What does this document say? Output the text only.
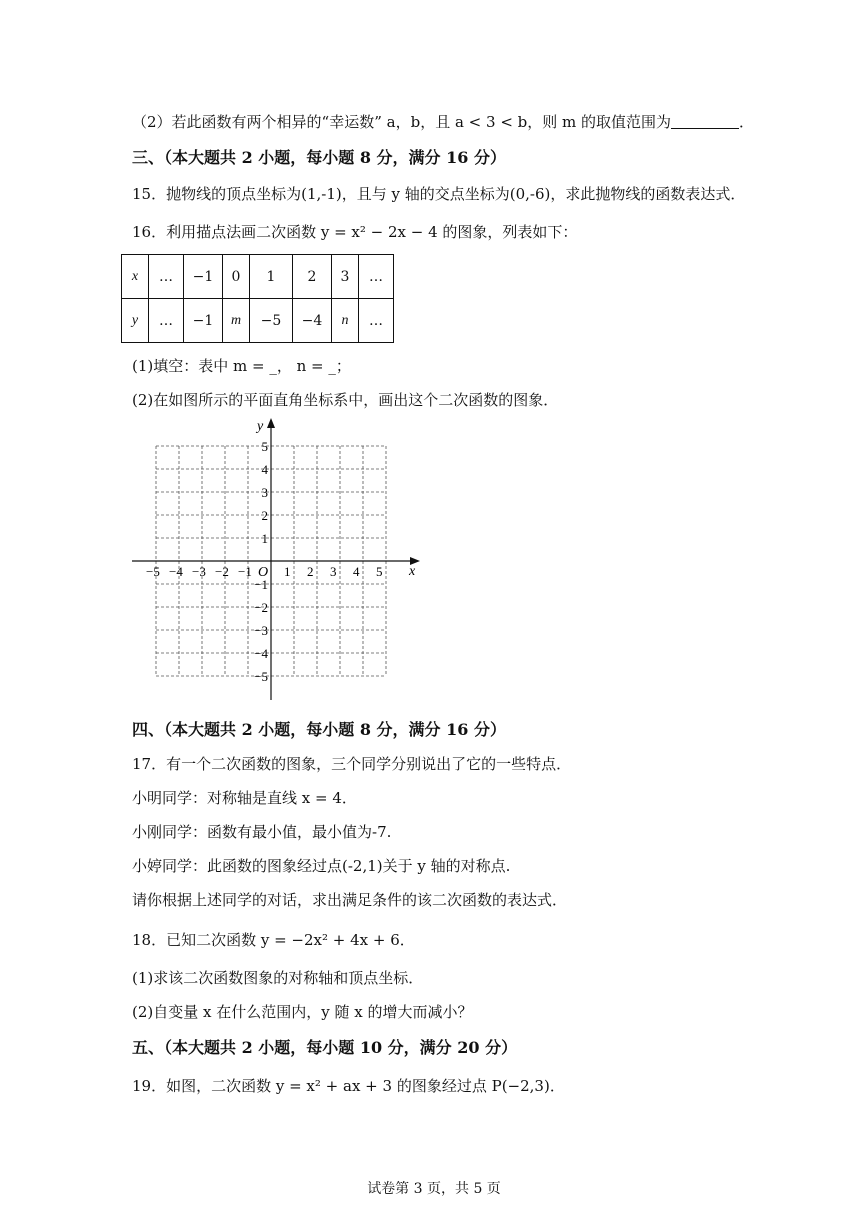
（2）若此函数有两个相异的“幸运数” a，b，且 a < 3 < b，则 m 的取值范围为	．
三、（本大题共 2 小题，每小题 8 分，满分 16 分）
15．抛物线的顶点坐标为(1,-1)，且与 y 轴的交点坐标为(0,-6)，求此抛物线的函数表达式．
16．利用描点法画二次函数 y = x² − 2x − 4 的图象，列表如下：
x	…	−1	0	1	2	3	…
y	…	−1	m	−5	−4	n	…
(1)填空：表中 m = _， n = _；
(2)在如图所示的平面直角坐标系中，画出这个二次函数的图象．
x
y
O
−5 −4 −3 −2 −1 1 2 3 4 5
5
4
3
2
1
−1
−2
−3
−4
−5
四、（本大题共 2 小题，每小题 8 分，满分 16 分）
17．有一个二次函数的图象，三个同学分别说出了它的一些特点．
小明同学：对称轴是直线 x = 4．
小刚同学：函数有最小值，最小值为-7.
小婷同学：此函数的图象经过点(-2,1)关于 y 轴的对称点.
请你根据上述同学的对话，求出满足条件的该二次函数的表达式．
18．已知二次函数 y = −2x² + 4x + 6．
(1)求该二次函数图象的对称轴和顶点坐标．
(2)自变量 x 在什么范围内，y 随 x 的增大而减小？
五、（本大题共 2 小题，每小题 10 分，满分 20 分）
19．如图，二次函数 y = x² + ax + 3 的图象经过点 P(−2,3)．
试卷第 3 页，共 5 页
